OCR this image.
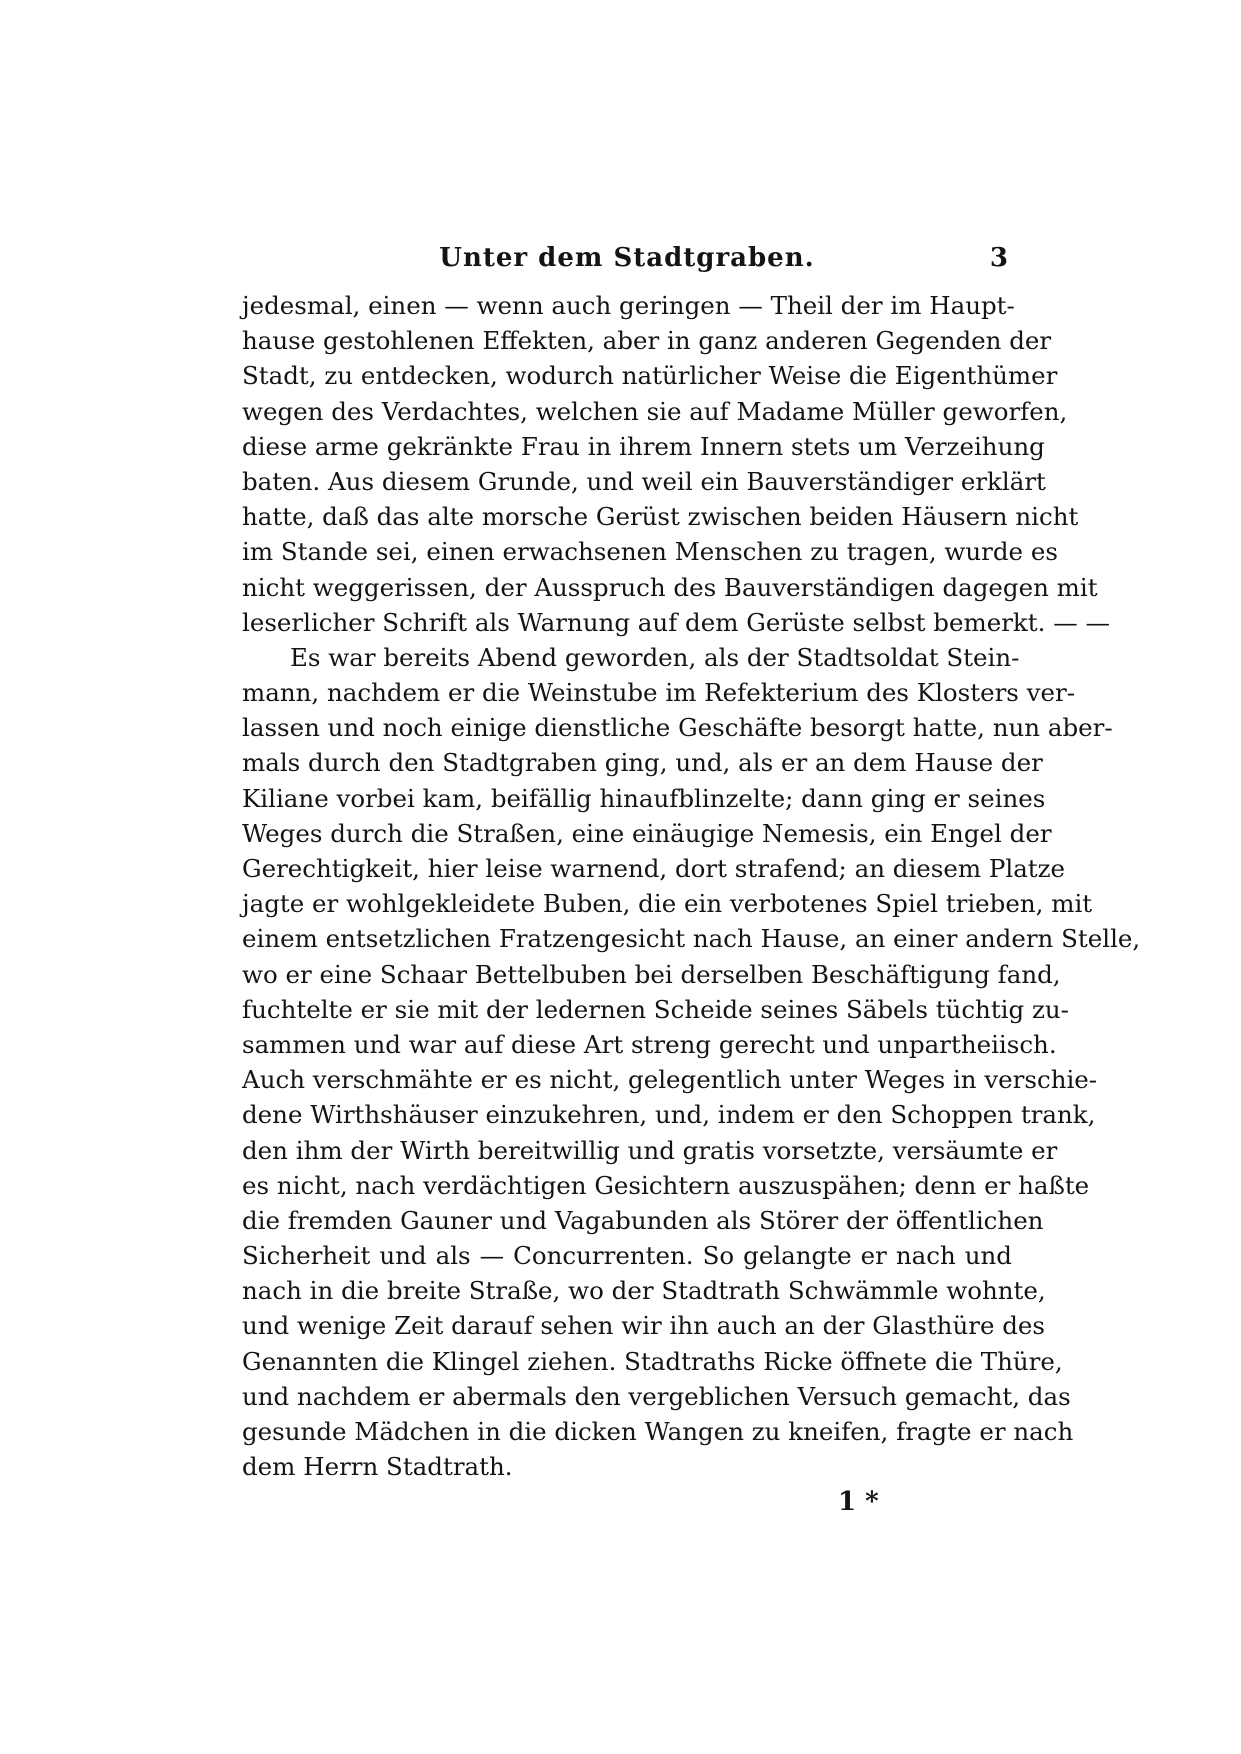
Unter dem Stadtgraben.	3
jedesmal, einen — wenn auch geringen — Theil der im Haupt-
hause gestohlenen Effekten, aber in ganz anderen Gegenden der
Stadt, zu entdecken, wodurch natürlicher Weise die Eigenthümer
wegen des Verdachtes, welchen sie auf Madame Müller geworfen,
diese arme gekränkte Frau in ihrem Innern stets um Verzeihung
baten. Aus diesem Grunde, und weil ein Bauverständiger erklärt
hatte, daß das alte morsche Gerüst zwischen beiden Häusern nicht
im Stande sei, einen erwachsenen Menschen zu tragen, wurde es
nicht weggerissen, der Ausspruch des Bauverständigen dagegen mit
leserlicher Schrift als Warnung auf dem Gerüste selbst bemerkt. — —
Es war bereits Abend geworden, als der Stadtsoldat Stein-
mann, nachdem er die Weinstube im Refekterium des Klosters ver-
lassen und noch einige dienstliche Geschäfte besorgt hatte, nun aber-
mals durch den Stadtgraben ging, und, als er an dem Hause der
Kiliane vorbei kam, beifällig hinaufblinzelte; dann ging er seines
Weges durch die Straßen, eine einäugige Nemesis, ein Engel der
Gerechtigkeit, hier leise warnend, dort strafend; an diesem Platze
jagte er wohlgekleidete Buben, die ein verbotenes Spiel trieben, mit
einem entsetzlichen Fratzengesicht nach Hause, an einer andern Stelle,
wo er eine Schaar Bettelbuben bei derselben Beschäftigung fand,
fuchtelte er sie mit der ledernen Scheide seines Säbels tüchtig zu-
sammen und war auf diese Art streng gerecht und unpartheiisch.
Auch verschmähte er es nicht, gelegentlich unter Weges in verschie-
dene Wirthshäuser einzukehren, und, indem er den Schoppen trank,
den ihm der Wirth bereitwillig und gratis vorsetzte, versäumte er
es nicht, nach verdächtigen Gesichtern auszuspähen; denn er haßte
die fremden Gauner und Vagabunden als Störer der öffentlichen
Sicherheit und als — Concurrenten. So gelangte er nach und
nach in die breite Straße, wo der Stadtrath Schwämmle wohnte,
und wenige Zeit darauf sehen wir ihn auch an der Glasthüre des
Genannten die Klingel ziehen. Stadtraths Ricke öffnete die Thüre,
und nachdem er abermals den vergeblichen Versuch gemacht, das
gesunde Mädchen in die dicken Wangen zu kneifen, fragte er nach
dem Herrn Stadtrath.
1 *
